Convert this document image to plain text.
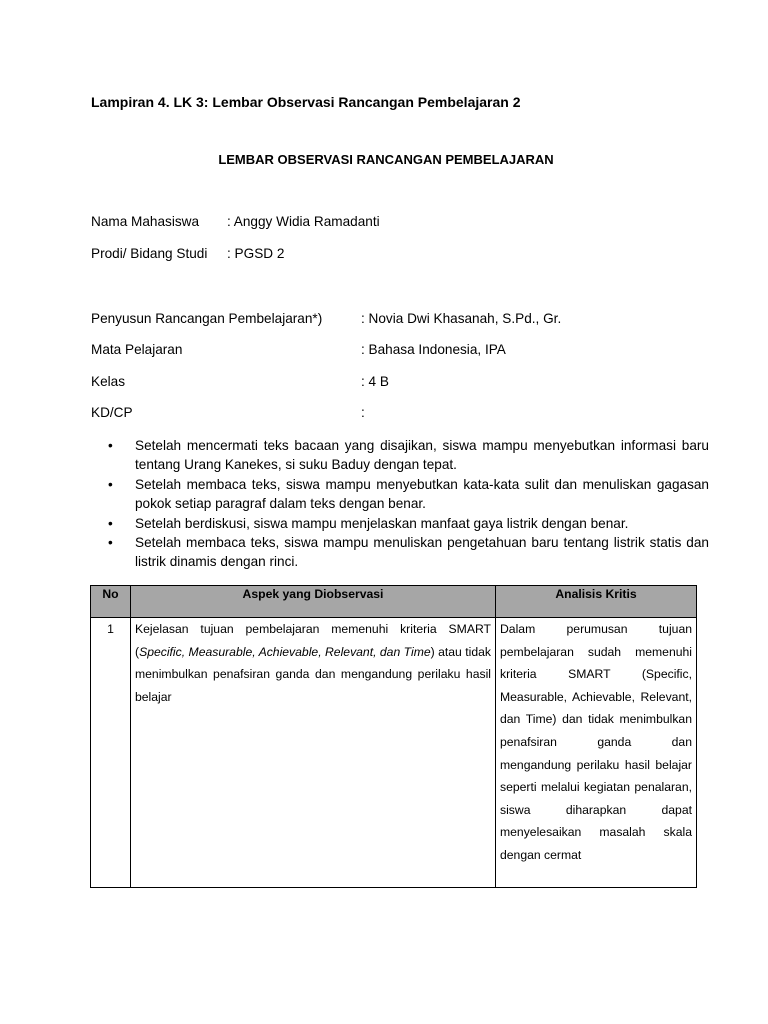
Lampiran 4. LK 3: Lembar Observasi Rancangan Pembelajaran 2
LEMBAR OBSERVASI RANCANGAN PEMBELAJARAN
Nama Mahasiswa : Anggy Widia Ramadanti
Prodi/ Bidang Studi : PGSD 2
Penyusun Rancangan Pembelajaran*)	: Novia Dwi Khasanah, S.Pd., Gr.
Mata Pelajaran	: Bahasa Indonesia, IPA
Kelas	: 4 B
KD/CP	:
• Setelah mencermati teks bacaan yang disajikan, siswa mampu menyebutkan informasi baru tentang Urang Kanekes, si suku Baduy dengan tepat.
• Setelah membaca teks, siswa mampu menyebutkan kata-kata sulit dan menuliskan gagasan pokok setiap paragraf dalam teks dengan benar.
• Setelah berdiskusi, siswa mampu menjelaskan manfaat gaya listrik dengan benar.
• Setelah membaca teks, siswa mampu menuliskan pengetahuan baru tentang listrik statis dan listrik dinamis dengan rinci.
No	Aspek yang Diobservasi	Analisis Kritis
1	Kejelasan tujuan pembelajaran memenuhi kriteria SMART (Specific, Measurable, Achievable, Relevant, dan Time) atau tidak menimbulkan penafsiran ganda dan mengandung perilaku hasil belajar	Dalam perumusan tujuan pembelajaran sudah memenuhi kriteria SMART (Specific, Measurable, Achievable, Relevant, dan Time) dan tidak menimbulkan penafsiran ganda dan mengandung perilaku hasil belajar seperti melalui kegiatan penalaran, siswa diharapkan dapat menyelesaikan masalah skala dengan cermat
